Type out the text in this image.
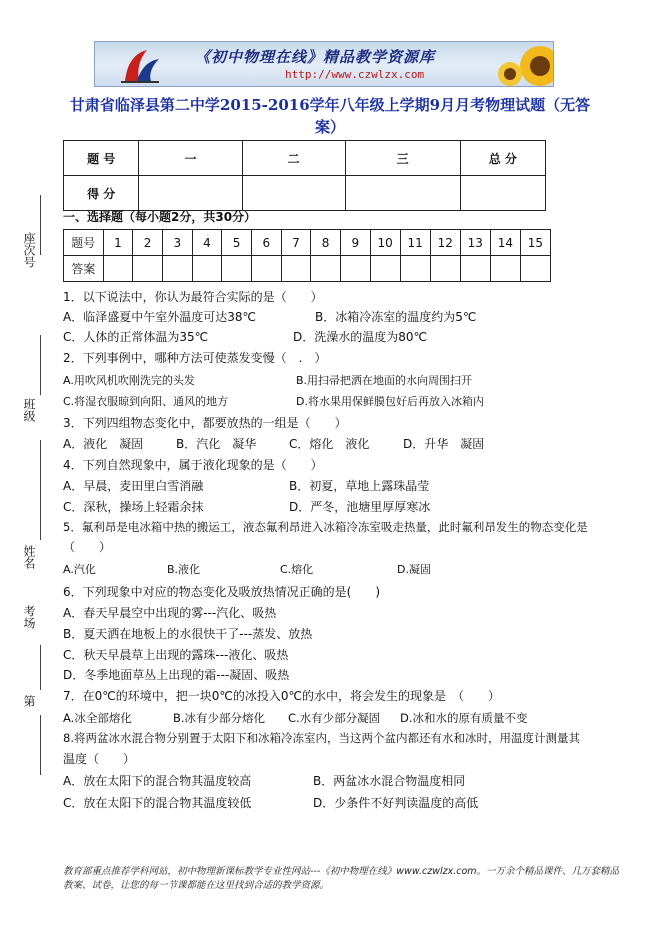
《初中物理在线》精品教学资源库
http://www.czwlzx.com
座次号
班级
姓名
考场
第
甘肃省临泽县第二中学2015-2016学年八年级上学期9月月考物理试题（无答案）
题 号	一	二	三	总 分
得 分				
一、选择题（每小题2分，共30分）
题号	1	2	3	4	5	6	7	8	9	10	11	12	13	14	15
答案															
1．以下说法中，你认为最符合实际的是（　　）
A．临泽盛夏中午室外温度可达38℃	B．冰箱冷冻室的温度约为5℃
C．人体的正常体温为35℃	D．洗澡水的温度为80℃
2．下列事例中，哪种方法可使蒸发变慢（　.　）
A.用吹风机吹刚洗完的头发	B.用扫帚把洒在地面的水向周围扫开
C.将湿衣服晾到向阳、通风的地方	D.将水果用保鲜膜包好后再放入冰箱内
3．下列四组物态变化中，都要放热的一组是（　　）
A．液化　凝固	B．汽化　凝华	C．熔化　液化	D．升华　凝固
4．下列自然现象中，属于液化现象的是（　　）
A．早晨，麦田里白雪消融	B．初夏，草地上露珠晶莹
C．深秋，操场上轻霜余抹	D．严冬，池塘里厚厚寒冰
5．氟利昂是电冰箱中热的搬运工，液态氟利昂进入冰箱冷冻室吸走热量，此时氟利昂发生的物态变化是
（　　）
A.汽化	B.液化	C.熔化	D.凝固
6．下列现象中对应的物态变化及吸放热情况正确的是(　　)
A．春天早晨空中出现的雾---汽化、吸热
B．夏天洒在地板上的水很快干了---蒸发、放热
C．秋天早晨草上出现的露珠---液化、吸热
D．冬季地面草丛上出现的霜---凝固、吸热
7．在0℃的环境中，把一块0℃的冰投入0℃的水中，将会发生的现象是　（　　）
A.冰全部熔化	B.冰有少部分熔化 C.水有少部分凝固 D.冰和水的原有质量不变
8.将两盆冰水混合物分别置于太阳下和冰箱冷冻室内，当这两个盆内都还有水和冰时，用温度计测量其
温度（　　）
A．放在太阳下的混合物其温度较高	B．两盆冰水混合物温度相同
C．放在太阳下的混合物其温度较低	D．少条件不好判读温度的高低
教育部重点推荐学科网站，初中物理新课标教学专业性网站---《初中物理在线》www.czwlzx.com。一万余个精品课件、几万套精品教案、试卷，让您的每一节课都能在这里找到合适的教学资源。
